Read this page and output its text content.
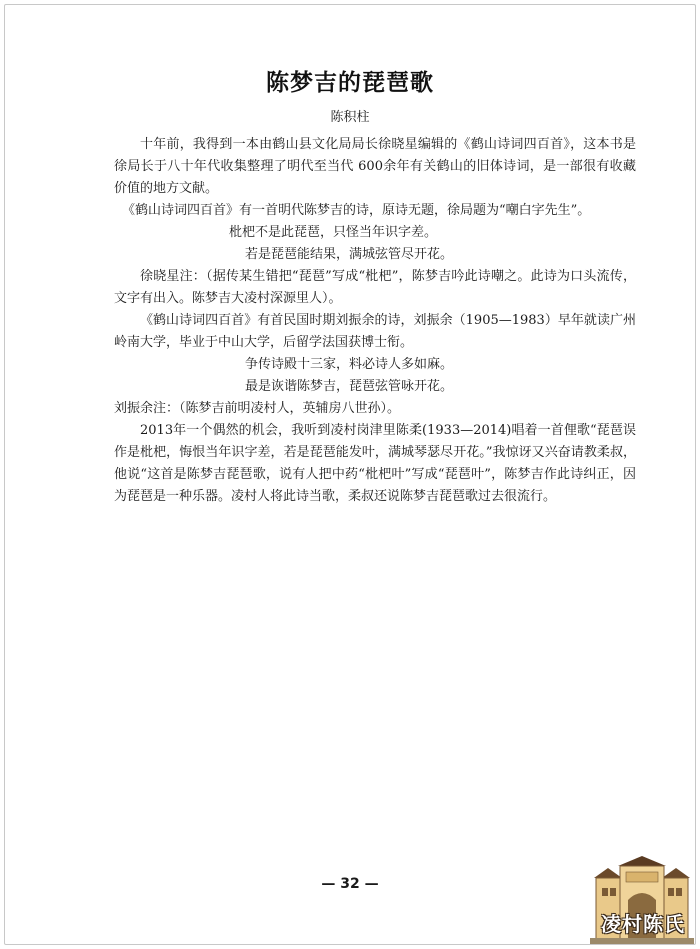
陈梦吉的琵琶歌
陈积柱

十年前，我得到一本由鹤山县文化局局长徐晓星编辑的《鹤山诗词四百首》，这本书是徐局长于八十年代收集整理了明代至当代 600余年有关鹤山的旧体诗词，是一部很有收藏价值的地方文献。

《鹤山诗词四百首》有一首明代陈梦吉的诗，原诗无题，徐局题为“嘲白字先生”。

枇杷不是此琵琶，只怪当年识字差。

若是琵琶能结果，满城弦管尽开花。

徐晓星注：（据传某生错把“琵琶”写成“枇杷”，陈梦吉吟此诗嘲之。此诗为口头流传，文字有出入。陈梦吉大凌村深源里人）。

《鹤山诗词四百首》有首民国时期刘振余的诗，刘振余（1905—1983）早年就读广州岭南大学，毕业于中山大学，后留学法国获博士衔。

争传诗殿十三家，料必诗人多如麻。

最是诙谐陈梦吉，琵琶弦管咏开花。

刘振余注：（陈梦吉前明凌村人，英辅房八世孙）。

2013年一个偶然的机会，我听到凌村岗津里陈柔(1933—2014)唱着一首俚歌“琵琶误作是枇杷，悔恨当年识字差，若是琵琶能发叶，满城琴瑟尽开花。”我惊讶又兴奋请教柔叔，他说“这首是陈梦吉琵琶歌，说有人把中药“枇杷叶”写成“琵琶叶”，陈梦吉作此诗纠正，因为琵琶是一种乐器。凌村人将此诗当歌，柔叔还说陈梦吉琵琶歌过去很流行。

— 32 —
凌村陈氏
